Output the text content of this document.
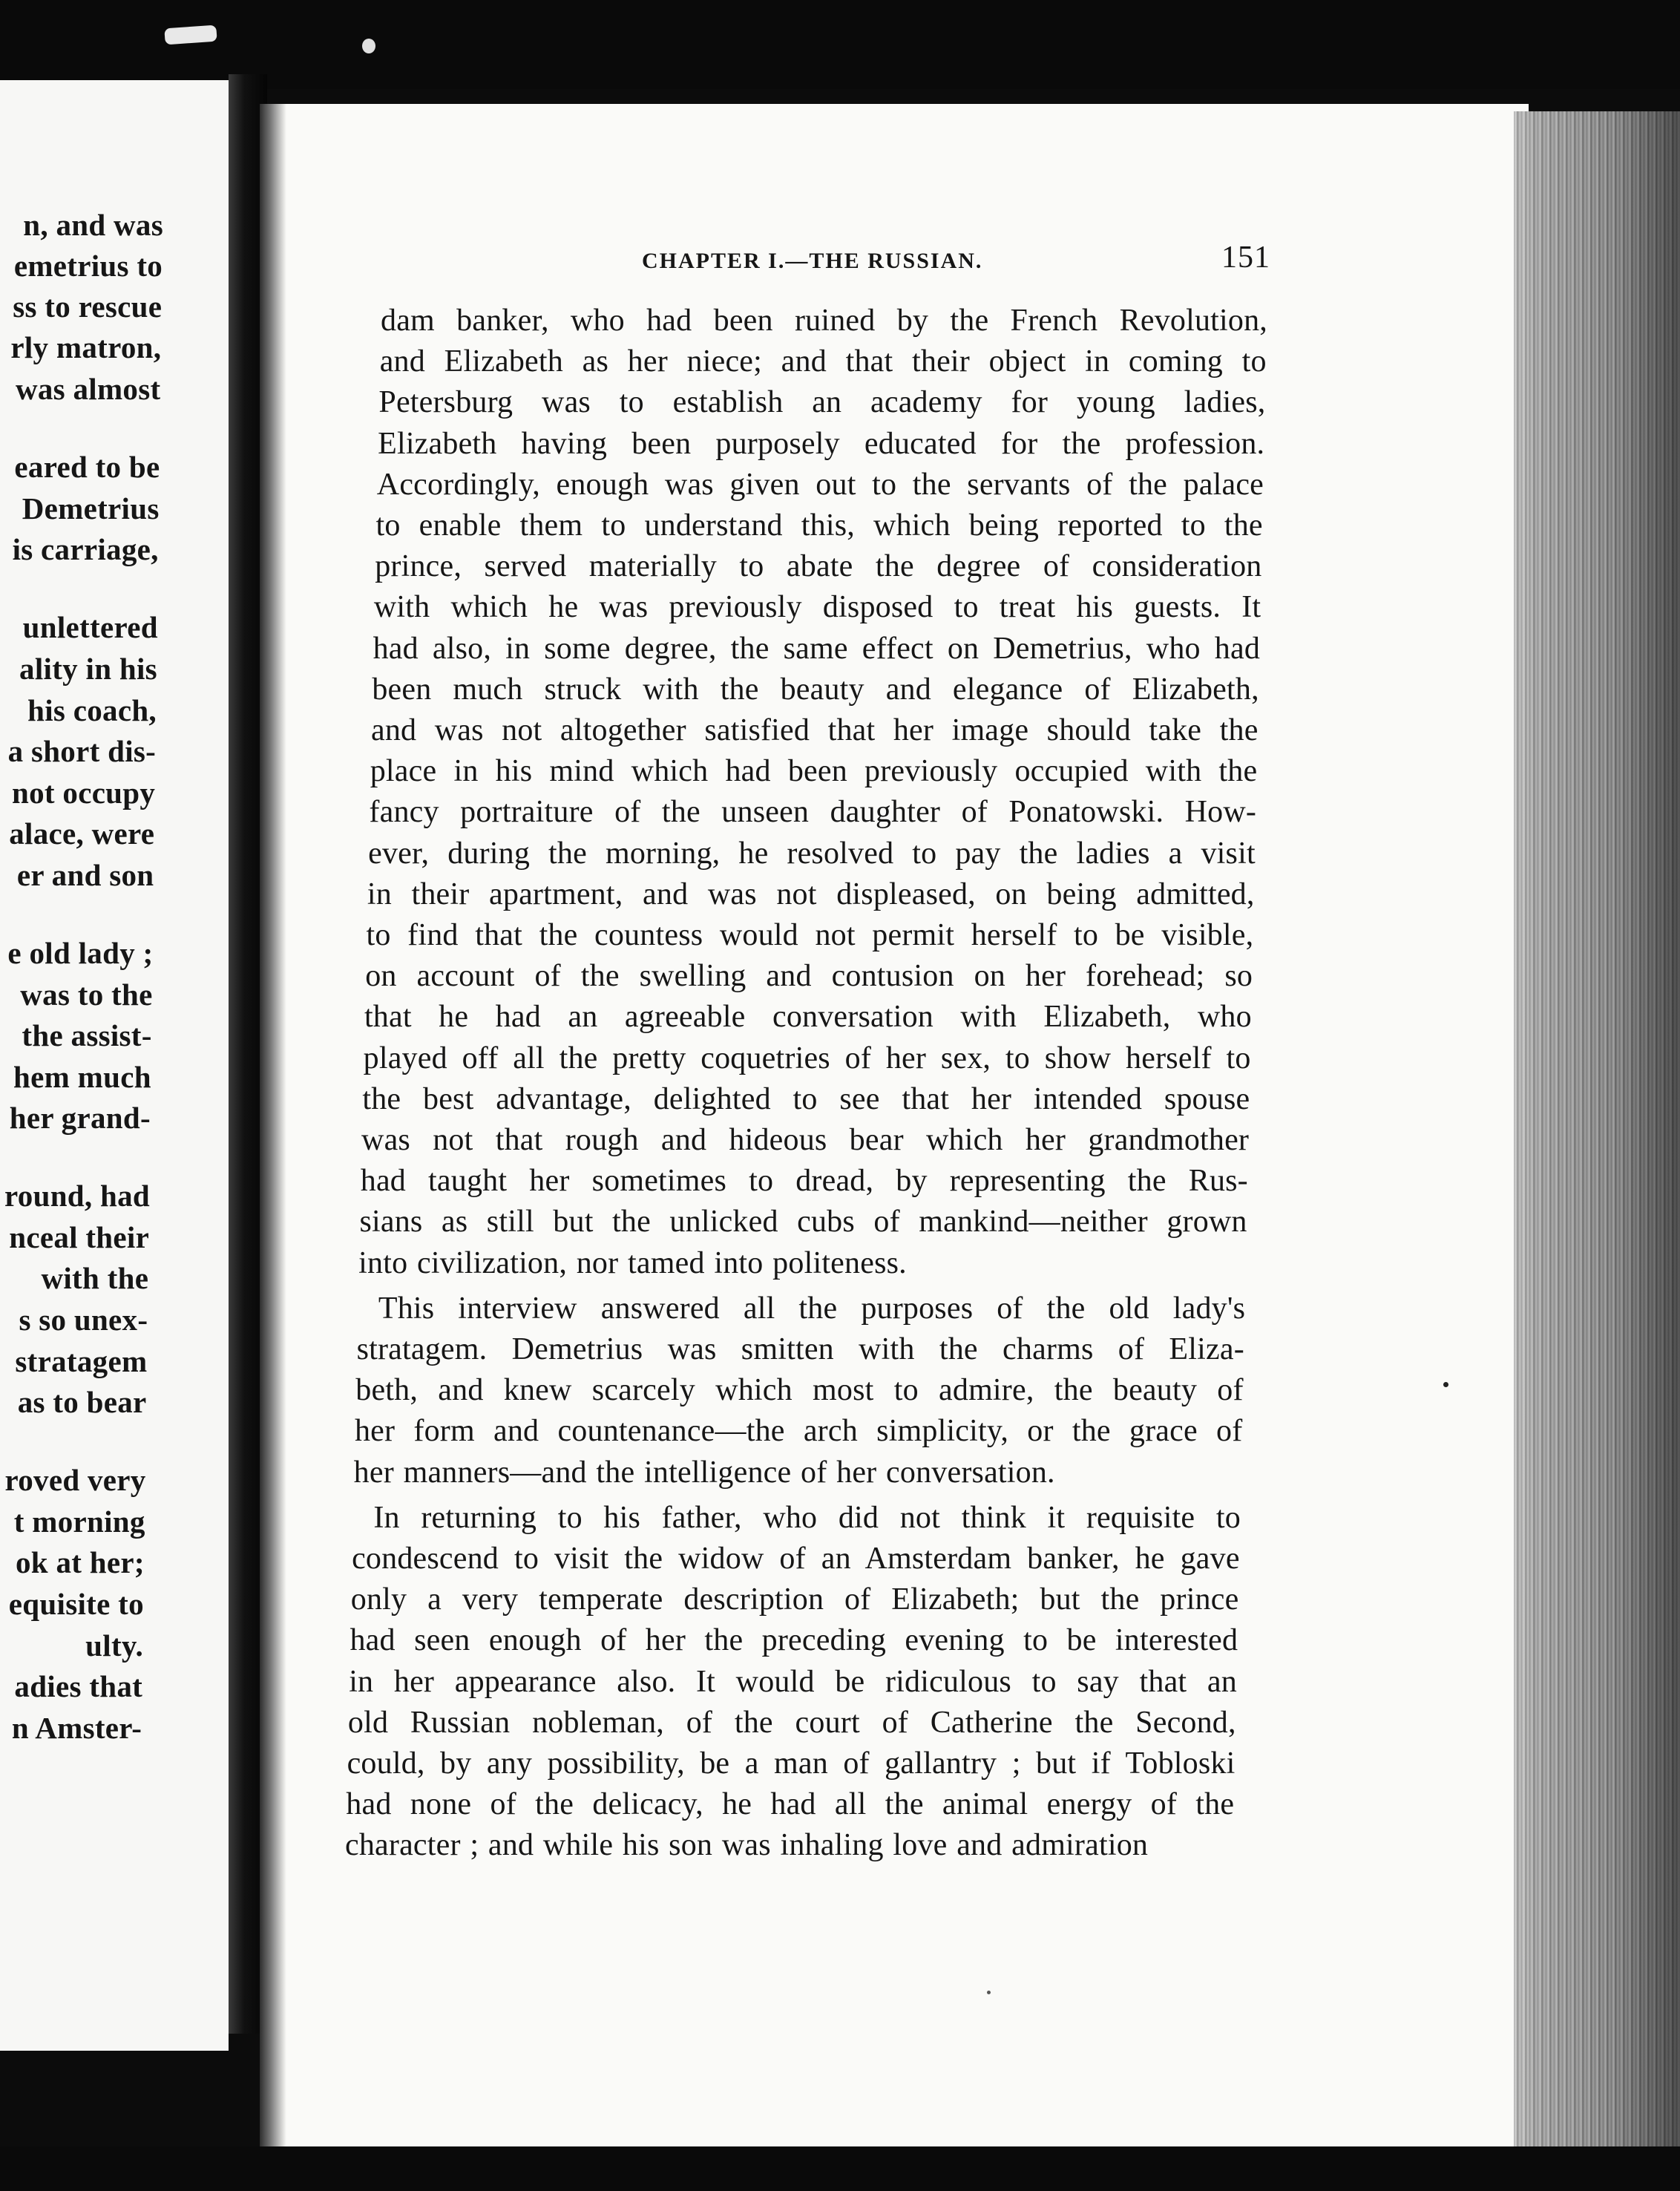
n, and was
emetrius to
ss to rescue
rly matron,
was almost
eared to be
Demetrius
is carriage,
unlettered
ality in his
his coach,
a short dis-
not occupy
alace, were
er and son
e old lady ;
was to the
the assist-
hem much
her grand-
round, had
nceal their
with the
s so unex-
stratagem
as to bear
roved very
t morning
ok at her;
equisite to
ulty.
adies that
n Amster-
CHAPTER I.—THE RUSSIAN.	151
dam banker, who had been ruined by the French Revolution,
and Elizabeth as her niece; and that their object in coming to
Petersburg was to establish an academy for young ladies,
Elizabeth having been purposely educated for the profession.
Accordingly, enough was given out to the servants of the palace
to enable them to understand this, which being reported to the
prince, served materially to abate the degree of consideration
with which he was previously disposed to treat his guests. It
had also, in some degree, the same effect on Demetrius, who had
been much struck with the beauty and elegance of Elizabeth,
and was not altogether satisfied that her image should take the
place in his mind which had been previously occupied with the
fancy portraiture of the unseen daughter of Ponatowski. How-
ever, during the morning, he resolved to pay the ladies a visit
in their apartment, and was not displeased, on being admitted,
to find that the countess would not permit herself to be visible,
on account of the swelling and contusion on her forehead; so
that he had an agreeable conversation with Elizabeth, who
played off all the pretty coquetries of her sex, to show herself to
the best advantage, delighted to see that her intended spouse
was not that rough and hideous bear which her grandmother
had taught her sometimes to dread, by representing the Rus-
sians as still but the unlicked cubs of mankind—neither grown
into civilization, nor tamed into politeness.
This interview answered all the purposes of the old lady's
stratagem. Demetrius was smitten with the charms of Eliza-
beth, and knew scarcely which most to admire, the beauty of
her form and countenance—the arch simplicity, or the grace of
her manners—and the intelligence of her conversation.
In returning to his father, who did not think it requisite to
condescend to visit the widow of an Amsterdam banker, he gave
only a very temperate description of Elizabeth; but the prince
had seen enough of her the preceding evening to be interested
in her appearance also. It would be ridiculous to say that an
old Russian nobleman, of the court of Catherine the Second,
could, by any possibility, be a man of gallantry ; but if Tobloski
had none of the delicacy, he had all the animal energy of the
character ; and while his son was inhaling love and admiration
